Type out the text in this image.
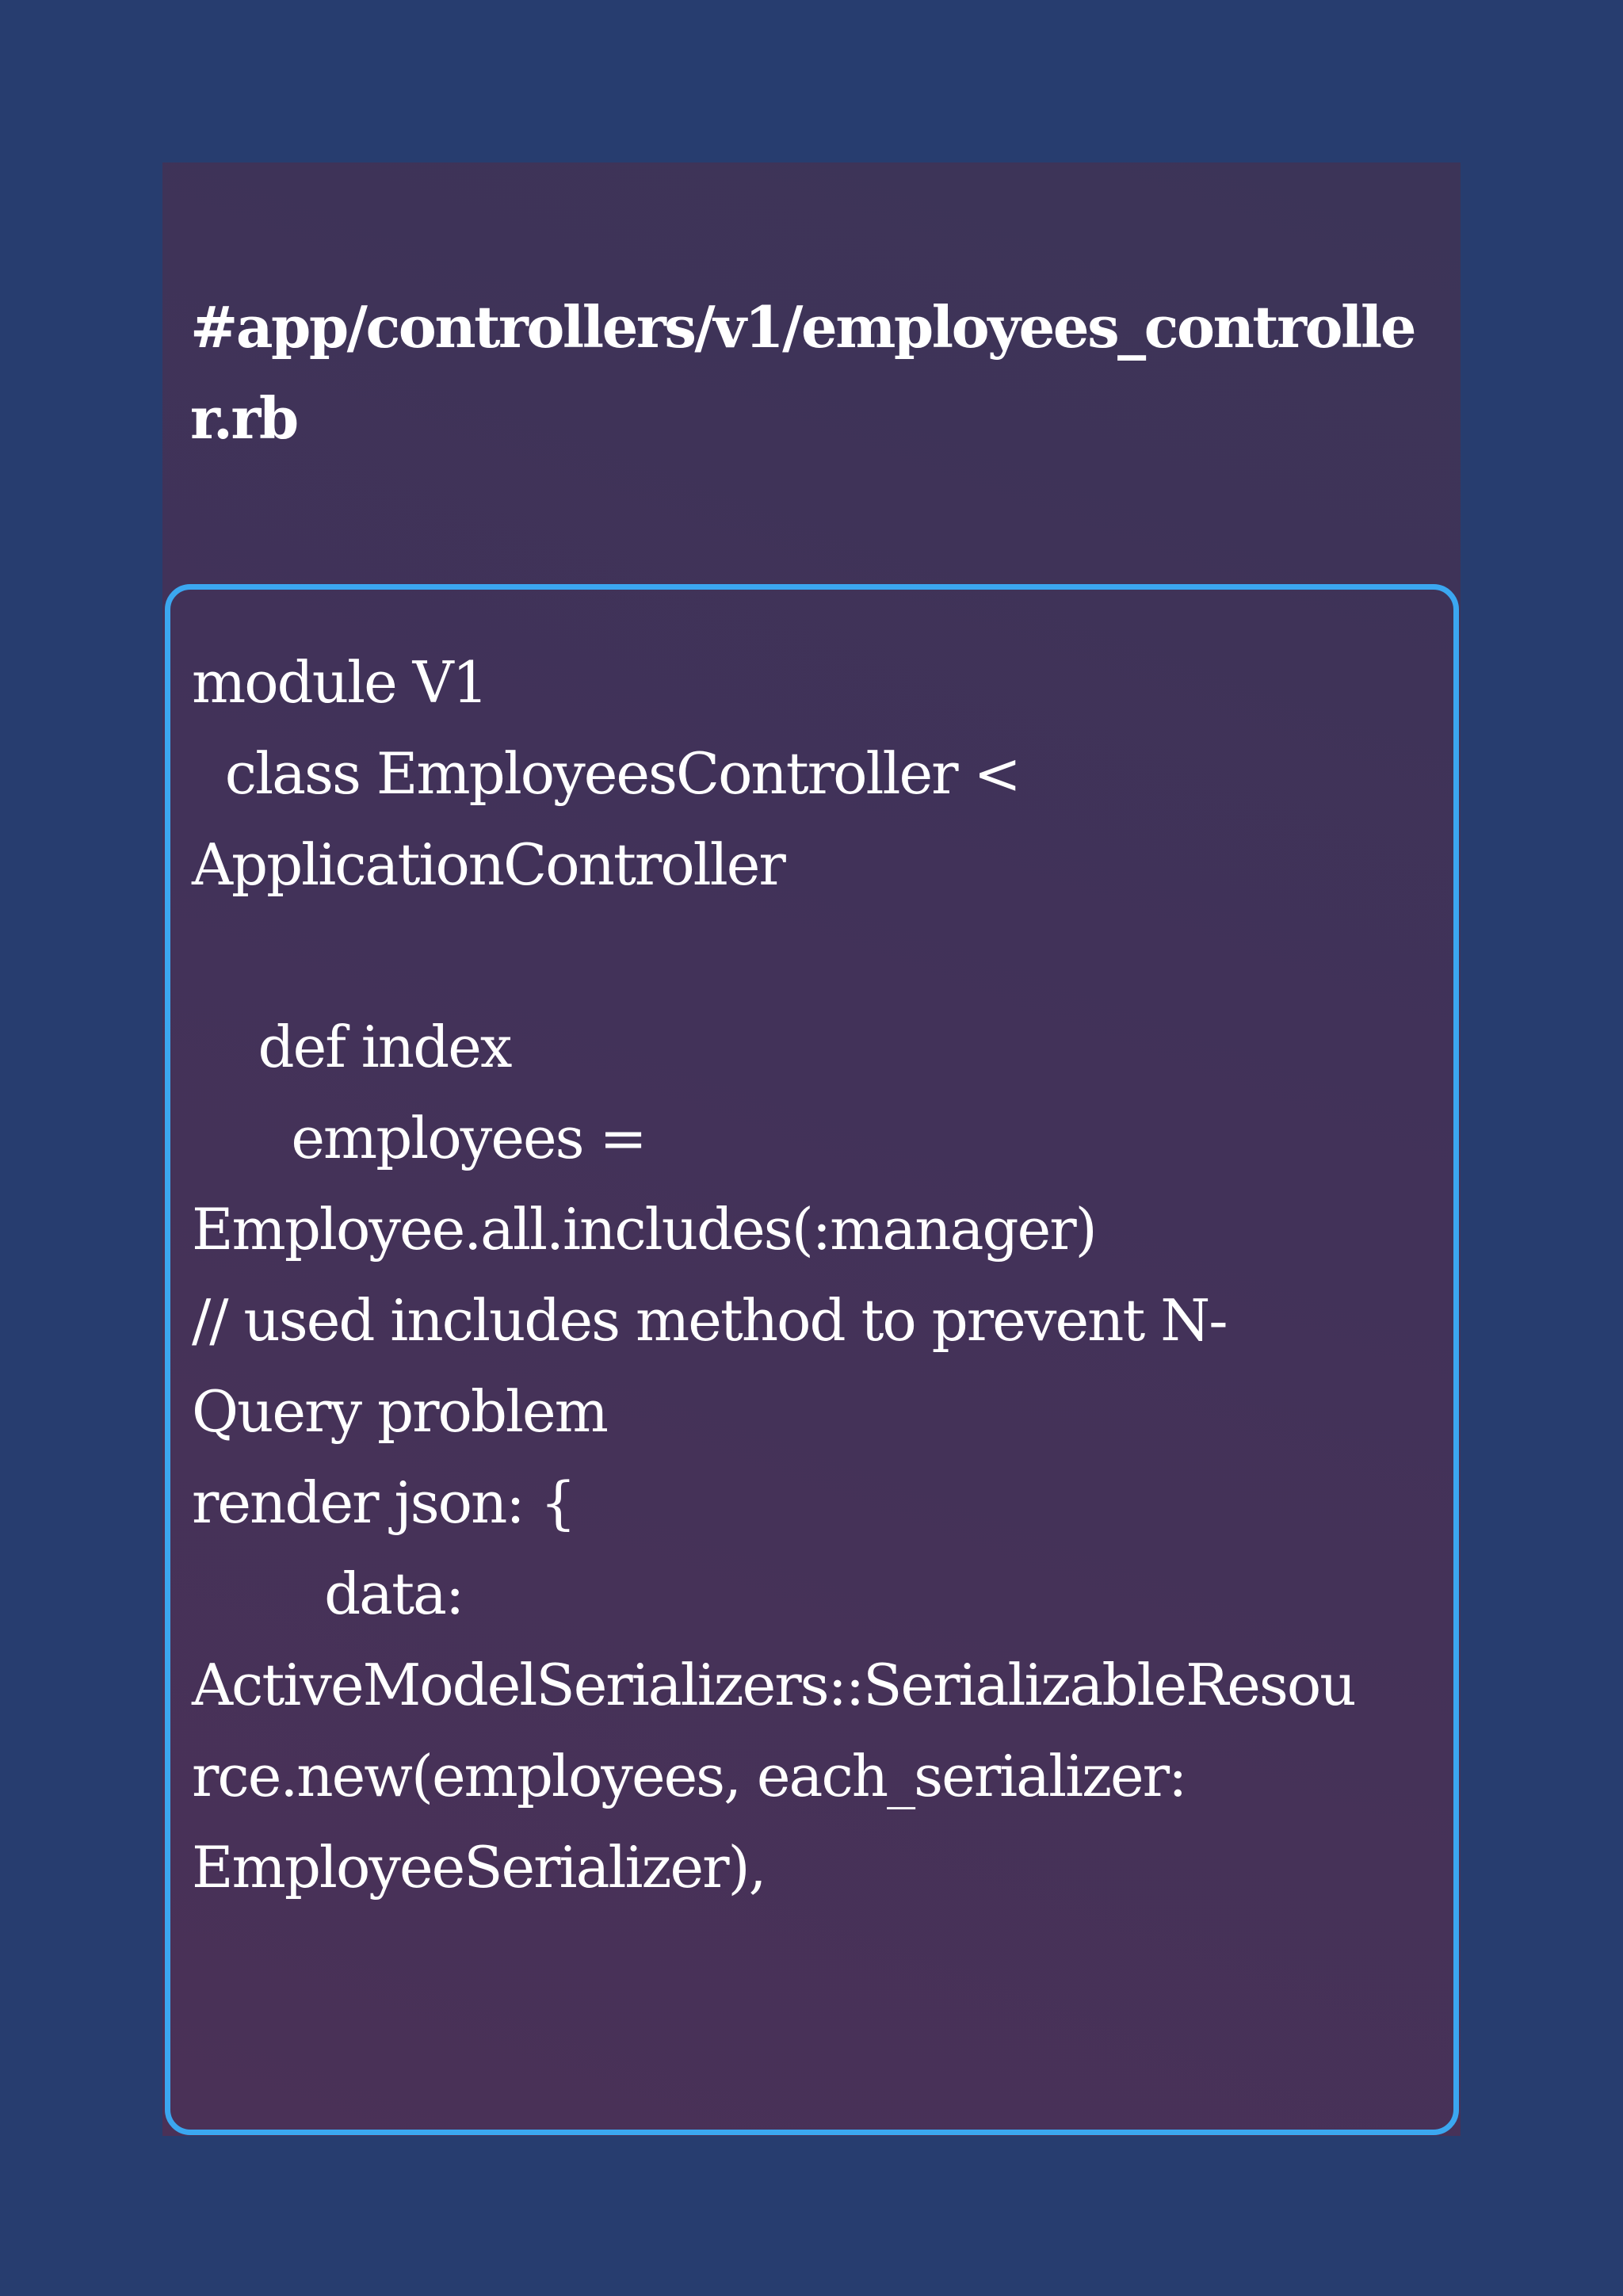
#app/controllers/v1/employees_controlle
r.rb
module V1
class EmployeesController <
ApplicationController
def index
employees =
Employee.all.includes(:manager)
// used includes method to prevent N-
Query problem
render json: {
data:
ActiveModelSerializers::SerializableResou
rce.new(employees, each_serializer:
EmployeeSerializer),
